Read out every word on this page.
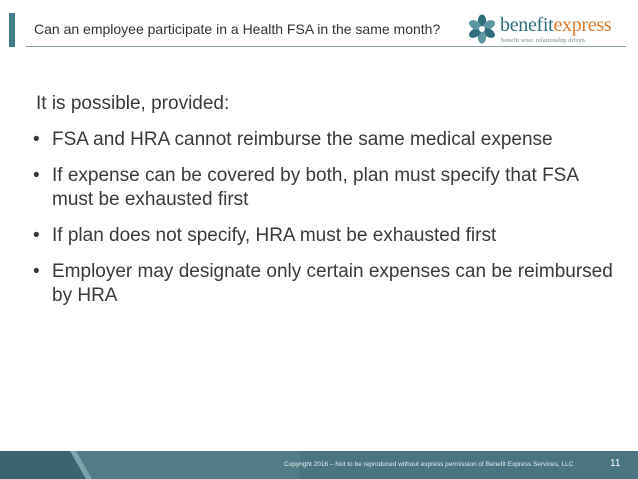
Can an employee participate in a Health FSA in the same month?	benefitexpress
benefit wise. relationship driven.
It is possible, provided:
• FSA and HRA cannot reimburse the same medical expense
• If expense can be covered by both, plan must specify that FSA must be exhausted first
• If plan does not specify, HRA must be exhausted first
• Employer may designate only certain expenses can be reimbursed by HRA
Copyright 2016 – Not to be reproduced without express permission of Benefit Express Services, LLC	11
